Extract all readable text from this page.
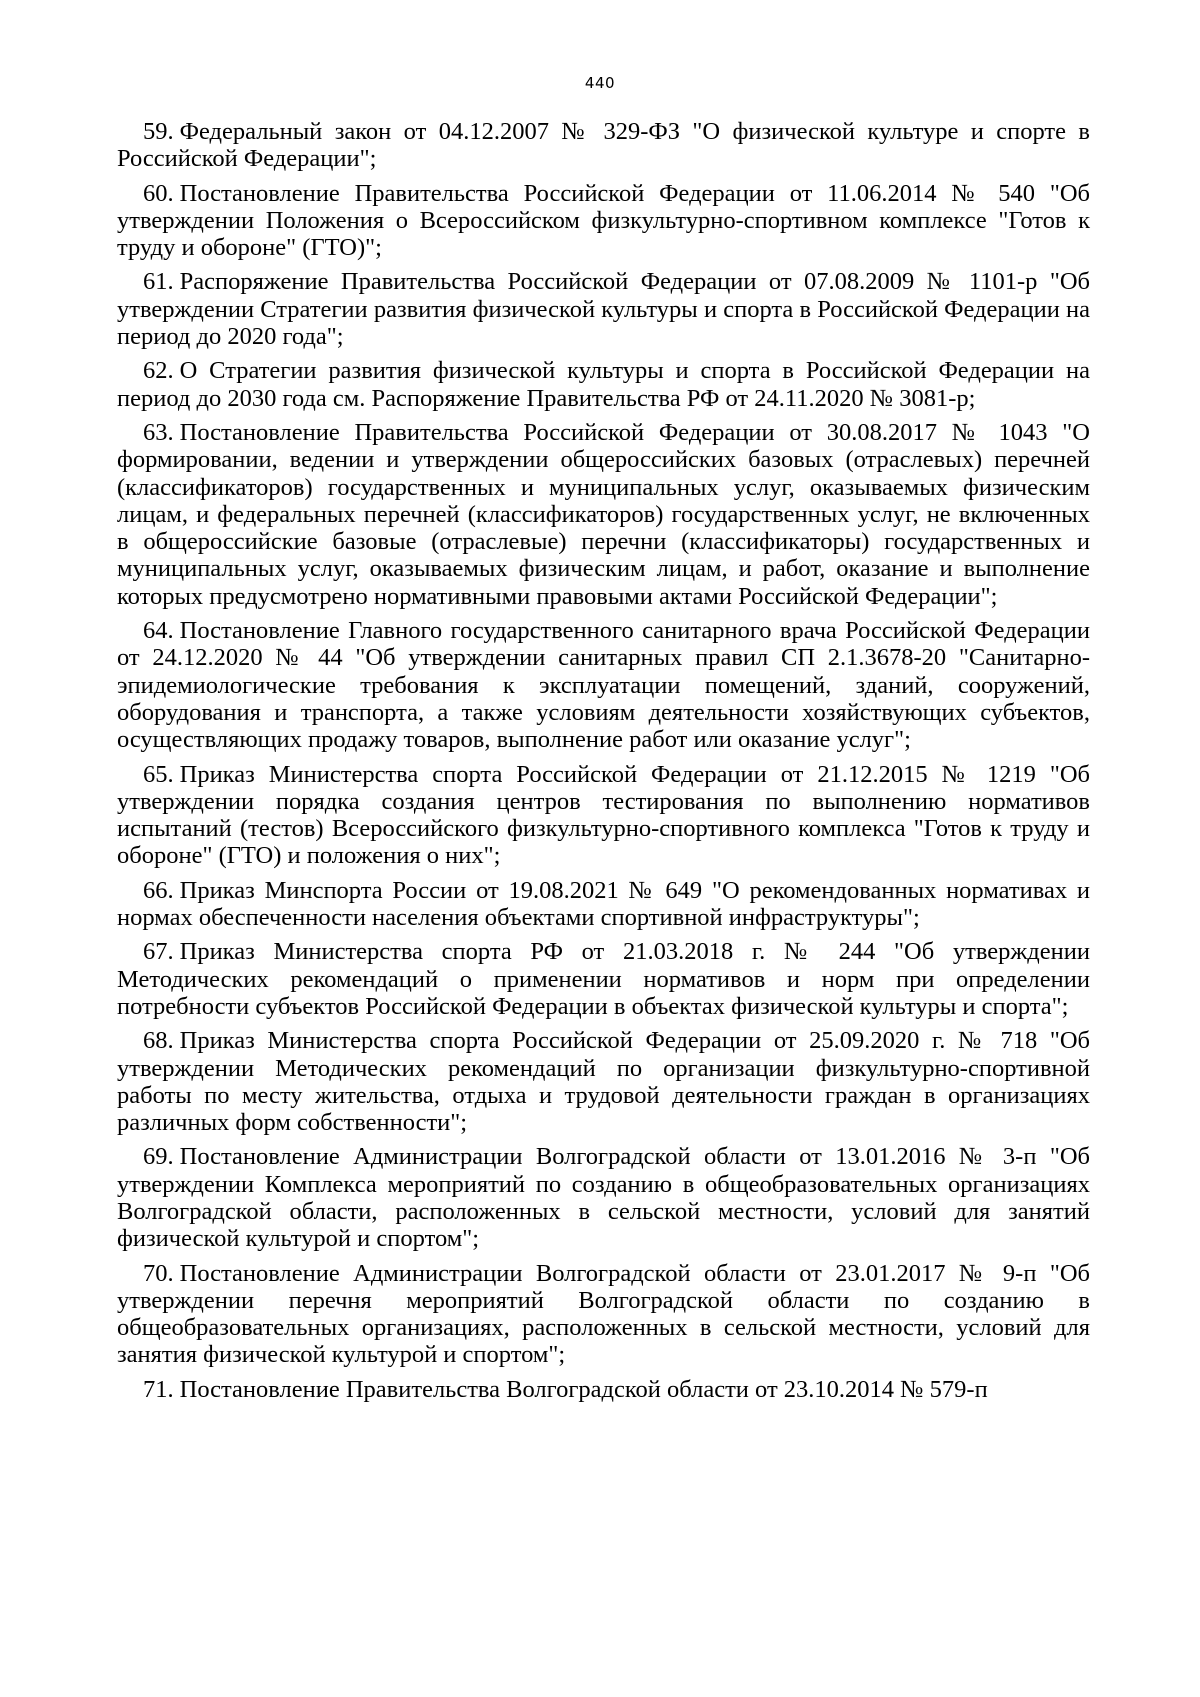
440

59. Федеральный закон от 04.12.2007 № 329-ФЗ "О физической культуре и спорте в Российской Федерации";

60. Постановление Правительства Российской Федерации от 11.06.2014 № 540 "Об утверждении Положения о Всероссийском физкультурно-спортивном комплексе "Готов к труду и обороне" (ГТО)";

61. Распоряжение Правительства Российской Федерации от 07.08.2009 № 1101-р "Об утверждении Стратегии развития физической культуры и спорта в Российской Федерации на период до 2020 года";

62. О Стратегии развития физической культуры и спорта в Российской Федерации на период до 2030 года см. Распоряжение Правительства РФ от 24.11.2020 № 3081-р;

63. Постановление Правительства Российской Федерации от 30.08.2017 № 1043 "О формировании, ведении и утверждении общероссийских базовых (отраслевых) перечней (классификаторов) государственных и муниципальных услуг, оказываемых физическим лицам, и федеральных перечней (классификаторов) государственных услуг, не включенных в общероссийские базовые (отраслевые) перечни (классификаторы) государственных и муниципальных услуг, оказываемых физическим лицам, и работ, оказание и выполнение которых предусмотрено нормативными правовыми актами Российской Федерации";

64. Постановление Главного государственного санитарного врача Российской Федерации от 24.12.2020 № 44 "Об утверждении санитарных правил СП 2.1.3678-20 "Санитарно-эпидемиологические требования к эксплуатации помещений, зданий, сооружений, оборудования и транспорта, а также условиям деятельности хозяйствующих субъектов, осуществляющих продажу товаров, выполнение работ или оказание услуг";

65. Приказ Министерства спорта Российской Федерации от 21.12.2015 № 1219 "Об утверждении порядка создания центров тестирования по выполнению нормативов испытаний (тестов) Всероссийского физкультурно-спортивного комплекса "Готов к труду и обороне" (ГТО) и положения о них";

66. Приказ Минспорта России от 19.08.2021 № 649 "О рекомендованных нормативах и нормах обеспеченности населения объектами спортивной инфраструктуры";

67. Приказ Министерства спорта РФ от 21.03.2018 г. № 244 "Об утверждении Методических рекомендаций о применении нормативов и норм при определении потребности субъектов Российской Федерации в объектах физической культуры и спорта";

68. Приказ Министерства спорта Российской Федерации от 25.09.2020 г. № 718 "Об утверждении Методических рекомендаций по организации физкультурно-спортивной работы по месту жительства, отдыха и трудовой деятельности граждан в организациях различных форм собственности";

69. Постановление Администрации Волгоградской области от 13.01.2016 № 3-п "Об утверждении Комплекса мероприятий по созданию в общеобразовательных организациях Волгоградской области, расположенных в сельской местности, условий для занятий физической культурой и спортом";

70. Постановление Администрации Волгоградской области от 23.01.2017 № 9-п "Об утверждении перечня мероприятий Волгоградской области по созданию в общеобразовательных организациях, расположенных в сельской местности, условий для занятия физической культурой и спортом";

71. Постановление Правительства Волгоградской области от 23.10.2014 № 579-п
